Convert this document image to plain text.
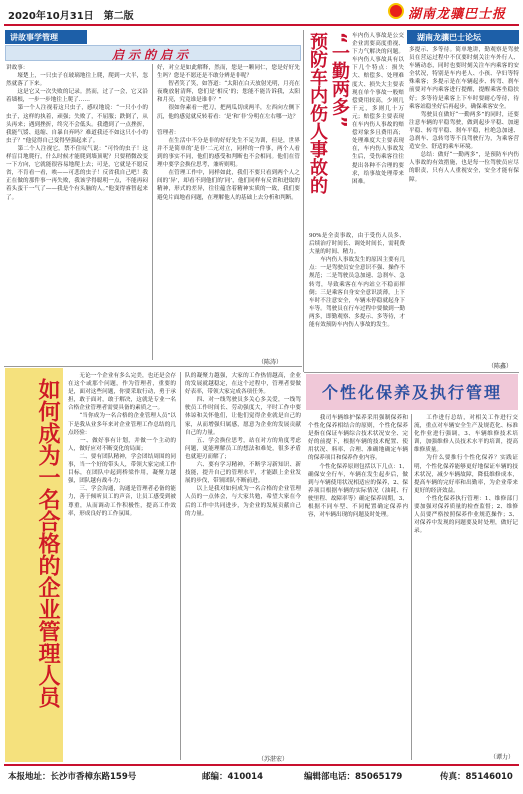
2020年10月31日　第二版	湖南龙骧巴士报
讲故事学管理
启示的启示
讲故事：
　　壕楚上，一只虫子在玻璃地往上爬，爬到一大半，忽然就落了下来。
　　这是它又一次失败的记录。然而，过了一会，它又沿着墙根，一步一步地往上爬了……
　　第一个人注视着这只虫子，感叹地说：“一只小小的虫子，这样的执着，顽强；失败了，不屈服；跌倒了，从头再来；遇到挫折，终究不会低头。我遭到了一点挫折，我能气馁、退缩、自暴自弃吗？难道我还不如这只小小的虫子？”他觉得自己变得坚强起来了。
　　第二个人注视它，禁不住叹气说：“可怜的虫子！这样盲目地爬行，什么时候才能爬到墙顶呢？只要稍微改变一下方向，它就能很容易地爬上去；可是，它就是不愿反省，不肯看一看，唉——可悲的虫子！反省我自己吧！我正在做的那件事一再失败，我该学得聪明一点，不能再闷着头蛮干一气了——我是个有头脑的人。”他变得睿智起来了。
好，对立是如此解释，然而，您是一颗同仁，您是好好先生吗？您是不愿还是不敢分辨是非呢？
　　智者笑了笑，如答道：“太阳在白天放射光明，月亮在夜晚放射清辉，您们是‘相反’的；您能不能告诉我，太阳和月亮，究竟谁是谁非？”
　　很如你素看一把刀，把两瓜切成两半，左西向左侧下沉，他的感觉就反转着看：‘是’和‘非’分明在左右哪一边？

管理者：
　　在生活中不分是非的好好先生不足为训，但是，世界并不是简单的‘是非’二元对立，同样的一件事，两个人看到的事实不同，他们的感受和判断也不会相同。他们在管理中要学会换位思考，兼听则明。
　　在管理工作中，同样如此，我们不要只看到两个人之间的‘异’，却看不到他们的‘同’，他们同样有反省和进取的精神，形式的差异，往往蕴含着精神实质的一致，我们要避免片面地看问题，在理解他人的基础上去分析和判断。
（陈涛）
如何成为一名合格的企业管理人员
　　无论一个企业有多么完美，也还是会存在这个或那个问题，作为管理者，重要的是，面对这些问题，你要采取行动，勇于承担，敢于面对，敢于解决，这就是专业一名合格企业管理者需要具备的素质之一。
　　“当你成为一名合格的企业管理人员”以下是我从业多年来对企业管理工作总结的几点经验：
　　一、做好事有计划，并做一个主动的人，做好应对不断变化的局面；
　　二、要有团队精神，学会团结周围的同事，当一个好的带头人，带领大家完成工作目标，在团队中起到桥梁作用，凝聚力越强，团队越有战斗力；
　　三、学会沟通，沟通是管理者必备的能力，善于倾听员工的声音，让员工感受到被尊重，从而调动工作积极性，提高工作效率，形成良好的工作氛围。
队的凝聚力越强，大家的工作热情越高，企业的发展就越稳定，在这个过程中，管理者要做好表率，带领大家完成各项任务。
　　四、对一线驾驶员多关心多关爱，一线驾驶员工作时间长、劳动强度大，平时工作中要体谅和关怀他们，让他们觉得企业就是自己的家，从而增强归属感，愿意为企业的发展贡献自己的力量。
　　五、学会换位思考，站在对方的角度考虑问题，更能理解员工的想法和难处，很多矛盾也就迎刃而解了；
　　六、要有学习精神，不断学习新知识、新技能，提升自己的管理水平，才能跟上企业发展的步伐，带领团队不断前进。
　　以上是我对如何成为一名合格的企业管理人员的一点体会，与大家共勉，希望大家在今后的工作中共同进步，为企业的发展贡献自己的力量。
（苏湛宏）
“一勤两多”
预防车内伤人事故的	车内伤人事故是公交企业需要高度重视、下力气解决的问题。车内伤人事故具有以下几个特点：损失大、赔偿多、处理难度大、损失大主要表现在单个事故一般赔偿费用较高，少则几千元，多则几十万元；赔偿多主要表现在车内伤人事故的赔偿对象多且费用高；处理难度大主要表现在，车内伤人事故发生后，受伤乘客往往提出各种不合理的要求，给事故处理带来困难。
90%是全责事故，由于受伤人员多、后续治疗时间长、调处时间长，需耗费大量的时间、精力。
　　车内伤人事故发生的原因主要有几点：一是驾驶员安全意识不强、操作不规范；二是驾驶员急加速、急刹车、急转弯，导致乘客在车内站立不稳而摔倒；三是乘客自身安全意识淡薄，上下车时不注意安全，车辆未停稳就起身下车等。驾驶员在行车过程中要做到一勤两多，即勤观察、多提示、多等待，才能有效预防车内伤人事故的发生。
（陈鑫）
湖南龙骧巴士论坛
多提示、多等待。简单地讲，勤观察是驾驶员在营运过程中不仅要时刻关注车外行人、车辆动态，同时也要时刻关注车内乘客的安全状况，特别是车内老人、小孩、孕妇等特殊乘客；多提示是在车辆起步、转弯、刹车前要对车内乘客进行提醒，提醒乘客坐稳扶好；多等待是乘客上下车时要耐心等待，待乘客站稳坐好后再起步，确保乘客安全。
　　驾驶员在做好“一勤两多”的同时，还要注意车辆的平稳驾驶，做到起步平稳、加速平稳、转弯平稳、刹车平稳，杜绝急加速、急刹车、急转弯等不良驾驶行为，为乘客营造安全、舒适的乘车环境。
　　总结：做好“一勤两多”，是预防车内伤人事故的有效措施，也是每一位驾驶员应尽的职责，只有人人重视安全，安全才能有保障。
个性化保养及执行管理
　　我司车辆维护保养采用强制保养和个性化保养相结合的原则，个性化保养是指在保证车辆综合技术状况安全、完好的前提下，根据车辆的技术配置、使用状况、料率、合理、准确地确定车辆的保养项目和保养作业内容。
　　个性化保养原则包括以下几点：1、确保安全行车，车辆在发生起步后，做到与车辆使用状况相适应的保养，2、保养项目根据车辆的实际情况（油耗、行驶里程、故障率等）确定保养周期，3、根据不同车型、不同配置确定保养内容，对车辆出现的问题及时处理。
　　工作进行总结，对相关工作进行交流，重点对车辆安全生产及规范化、标准化作业进行强调，3、车辆维修技术培训，加强维修人员技术水平的培训，提高维修质量。
　　为什么要推行个性化保养？实践证明，个性化保养能够更好地保证车辆的技术状况，减少车辆故障，降低维修成本，提高车辆的完好率和出勤率，为企业带来更好的经济效益。
　　个性化保养执行管理：1、维修部门要加强对保养质量的检查监督；2、维修人员要严格按照保养作业规范操作；3、对保养中发现的问题要及时处理，做好记录。
（谭力）
本报地址：长沙市香樟东路159号	邮编：410014	编辑部电话：85065179	传真：85146010
